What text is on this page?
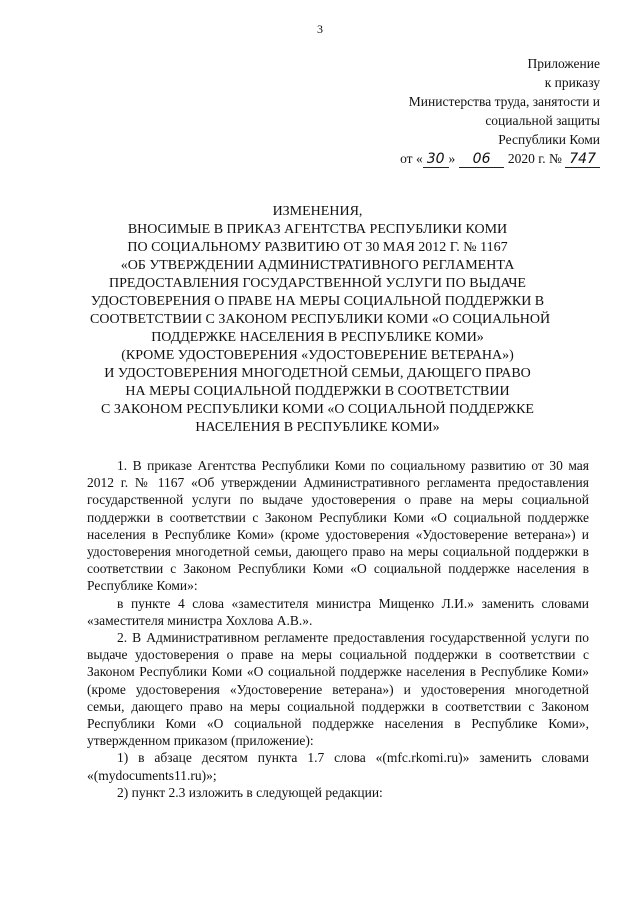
3
Приложение
к приказу
Министерства труда, занятости и
социальной защиты
Республики Коми
от « 30 » 06 2020 г. № 747
ИЗМЕНЕНИЯ,
ВНОСИМЫЕ В ПРИКАЗ АГЕНТСТВА РЕСПУБЛИКИ КОМИ
ПО СОЦИАЛЬНОМУ РАЗВИТИЮ ОТ 30 МАЯ 2012 Г. № 1167
«ОБ УТВЕРЖДЕНИИ АДМИНИСТРАТИВНОГО РЕГЛАМЕНТА
ПРЕДОСТАВЛЕНИЯ ГОСУДАРСТВЕННОЙ УСЛУГИ ПО ВЫДАЧЕ
УДОСТОВЕРЕНИЯ О ПРАВЕ НА МЕРЫ СОЦИАЛЬНОЙ ПОДДЕРЖКИ В
СООТВЕТСТВИИ С ЗАКОНОМ РЕСПУБЛИКИ КОМИ «О СОЦИАЛЬНОЙ
ПОДДЕРЖКЕ НАСЕЛЕНИЯ В РЕСПУБЛИКЕ КОМИ»
(КРОМЕ УДОСТОВЕРЕНИЯ «УДОСТОВЕРЕНИЕ ВЕТЕРАНА»)
И УДОСТОВЕРЕНИЯ МНОГОДЕТНОЙ СЕМЬИ, ДАЮЩЕГО ПРАВО
НА МЕРЫ СОЦИАЛЬНОЙ ПОДДЕРЖКИ В СООТВЕТСТВИИ
С ЗАКОНОМ РЕСПУБЛИКИ КОМИ «О СОЦИАЛЬНОЙ ПОДДЕРЖКЕ
НАСЕЛЕНИЯ В РЕСПУБЛИКЕ КОМИ»

1. В приказе Агентства Республики Коми по социальному развитию от 30 мая 2012 г. № 1167 «Об утверждении Административного регламента предоставления государственной услуги по выдаче удостоверения о праве на меры социальной поддержки в соответствии с Законом Республики Коми «О социальной поддержке населения в Республике Коми» (кроме удостоверения «Удостоверение ветерана») и удостоверения многодетной семьи, дающего право на меры социальной поддержки в соответствии с Законом Республики Коми «О социальной поддержке населения в Республике Коми»:

в пункте 4 слова «заместителя министра Мищенко Л.И.» заменить словами «заместителя министра Хохлова А.В.».

2. В Административном регламенте предоставления государственной услуги по выдаче удостоверения о праве на меры социальной поддержки в соответствии с Законом Республики Коми «О социальной поддержке населения в Республике Коми» (кроме удостоверения «Удостоверение ветерана») и удостоверения многодетной семьи, дающего право на меры социальной поддержки в соответствии с Законом Республики Коми «О социальной поддержке населения в Республике Коми», утвержденном приказом (приложение):

1) в абзаце десятом пункта 1.7 слова «(mfc.rkomi.ru)» заменить словами «(mydocuments11.ru)»;

2) пункт 2.3 изложить в следующей редакции:
